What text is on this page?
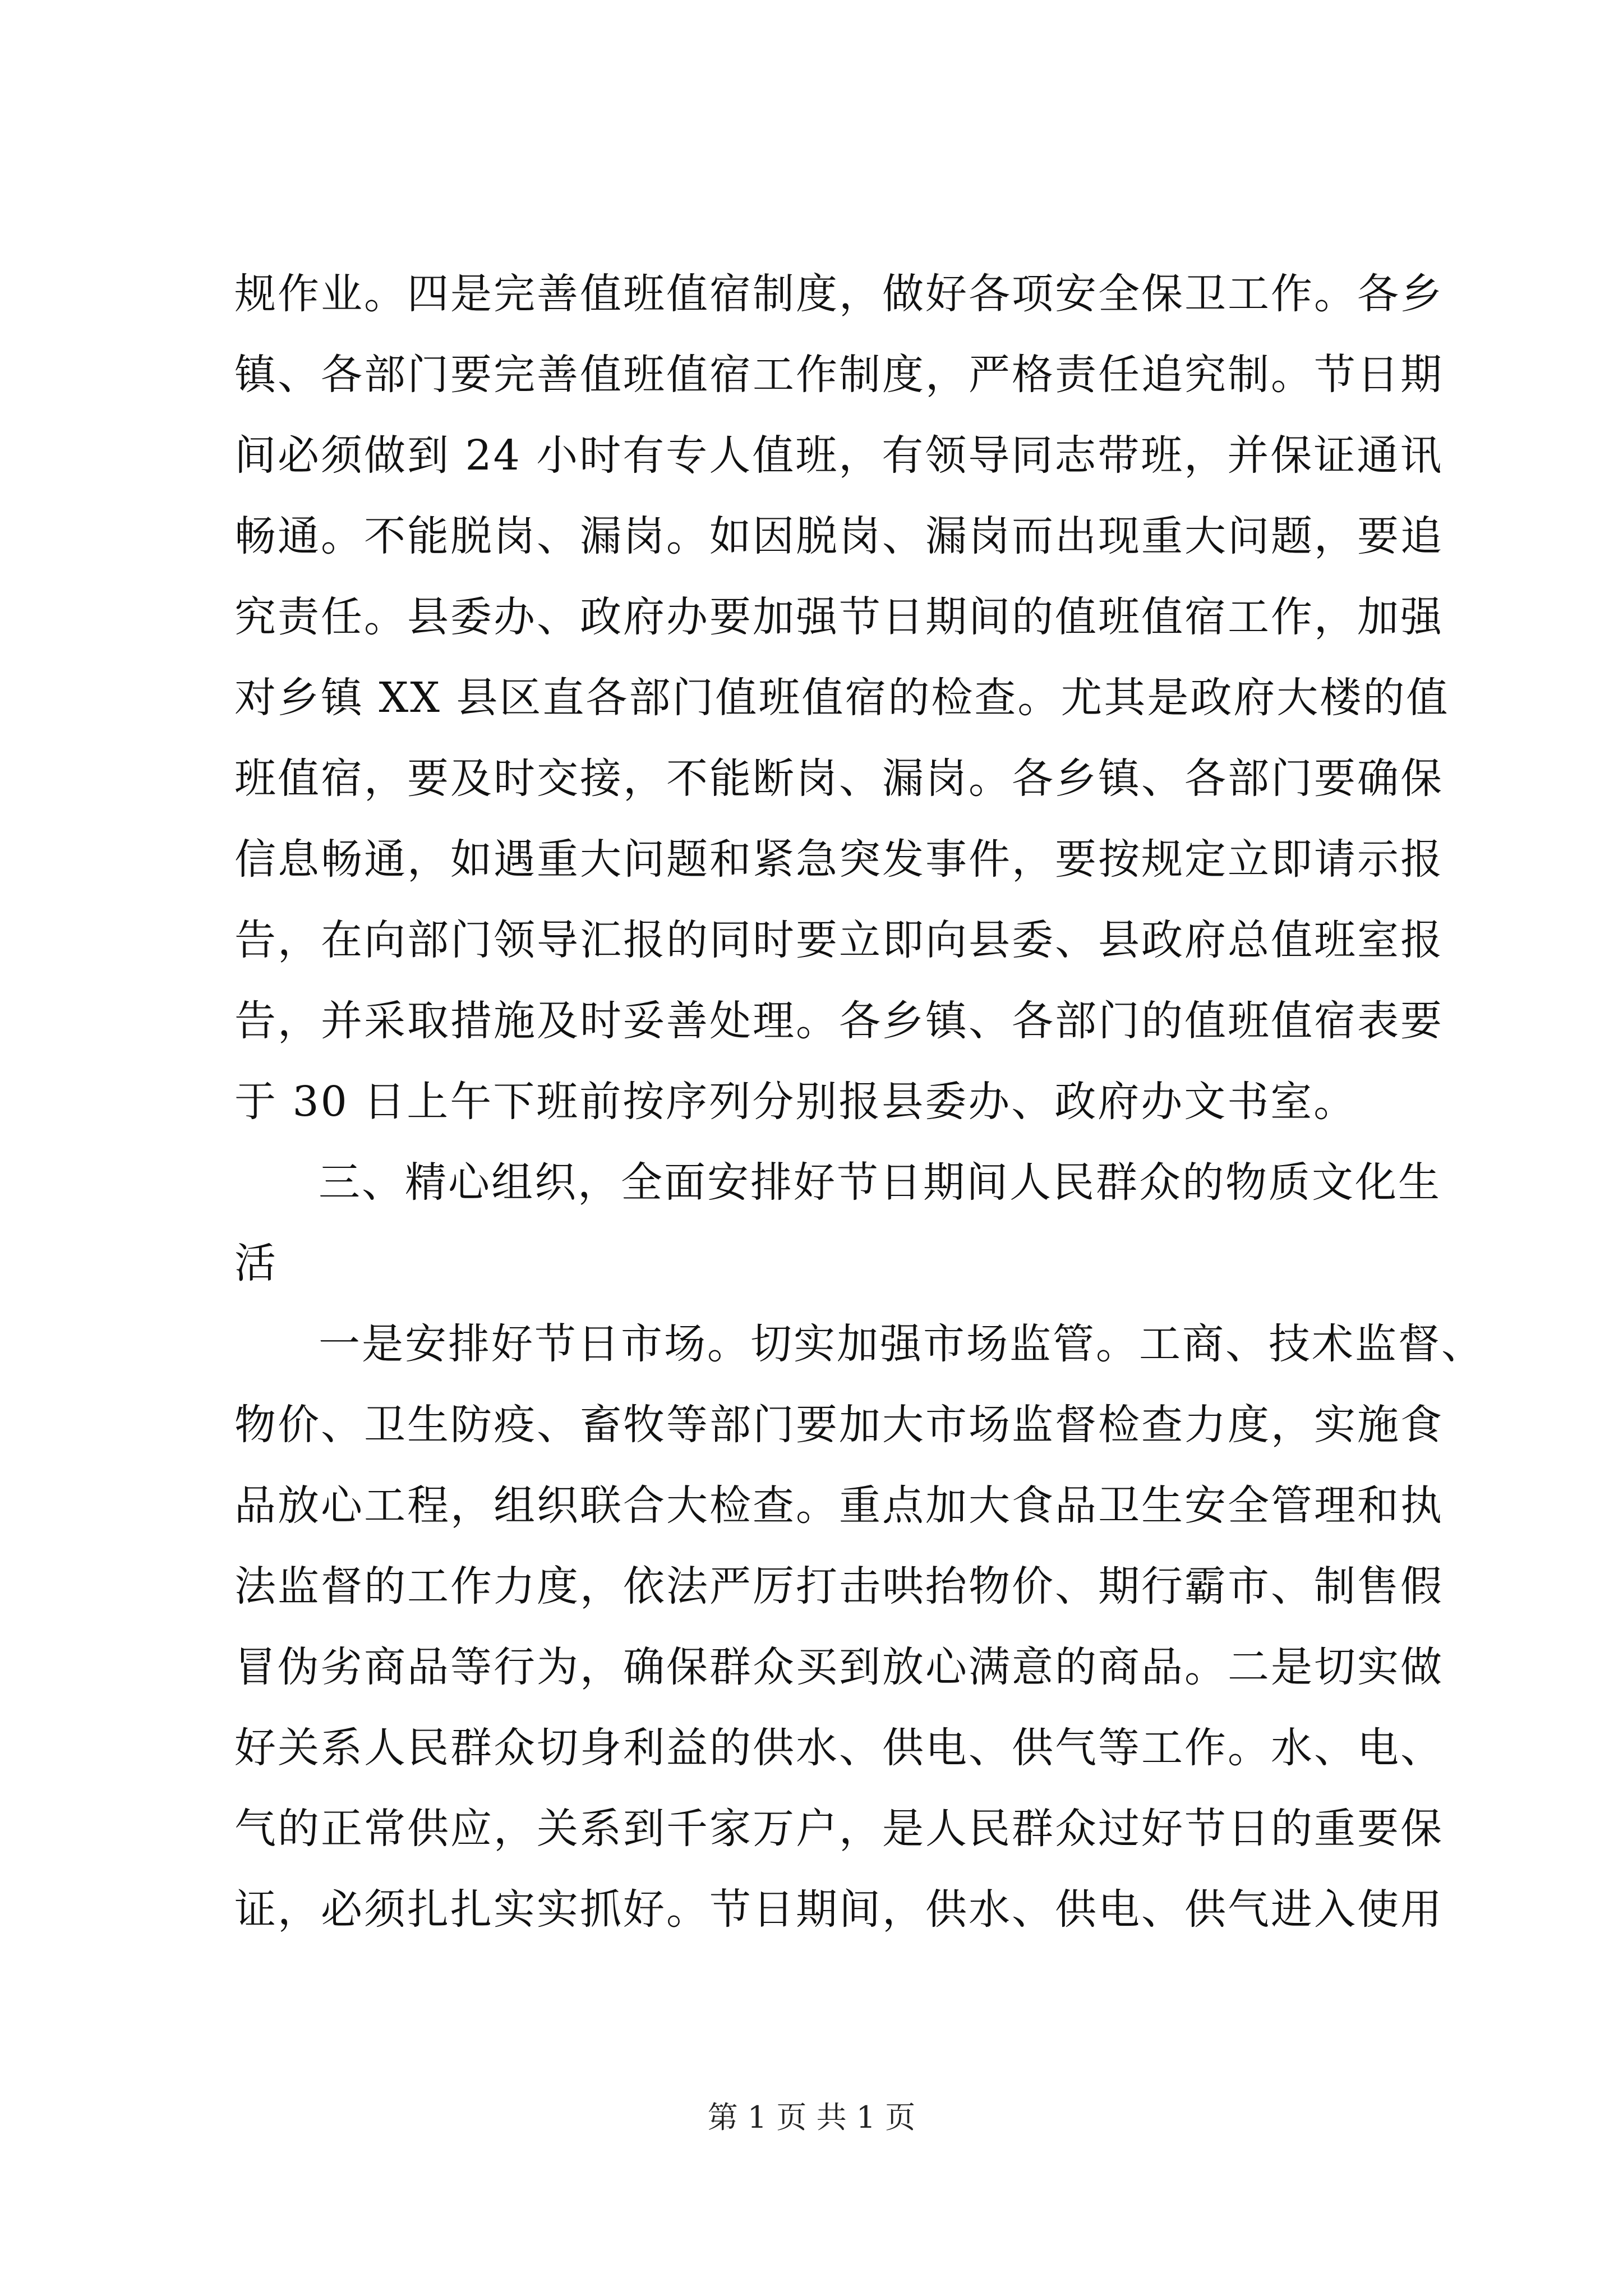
规作业。四是完善值班值宿制度，做好各项安全保卫工作。各乡
镇、各部门要完善值班值宿工作制度，严格责任追究制。节日期
间必须做到 24 小时有专人值班，有领导同志带班，并保证通讯
畅通。不能脱岗、漏岗。如因脱岗、漏岗而出现重大问题，要追
究责任。县委办、政府办要加强节日期间的值班值宿工作，加强
对乡镇 XX 县区直各部门值班值宿的检查。尤其是政府大楼的值
班值宿，要及时交接，不能断岗、漏岗。各乡镇、各部门要确保
信息畅通，如遇重大问题和紧急突发事件，要按规定立即请示报
告，在向部门领导汇报的同时要立即向县委、县政府总值班室报
告，并采取措施及时妥善处理。各乡镇、各部门的值班值宿表要
于 30 日上午下班前按序列分别报县委办、政府办文书室。
三、精心组织，全面安排好节日期间人民群众的物质文化生
活
一是安排好节日市场。切实加强市场监管。工商、技术监督、
物价、卫生防疫、畜牧等部门要加大市场监督检查力度，实施食
品放心工程，组织联合大检查。重点加大食品卫生安全管理和执
法监督的工作力度，依法严厉打击哄抬物价、期行霸市、制售假
冒伪劣商品等行为，确保群众买到放心满意的商品。二是切实做
好关系人民群众切身利益的供水、供电、供气等工作。水、电、
气的正常供应，关系到千家万户，是人民群众过好节日的重要保
证，必须扎扎实实抓好。节日期间，供水、供电、供气进入使用
第 1 页 共 1 页
